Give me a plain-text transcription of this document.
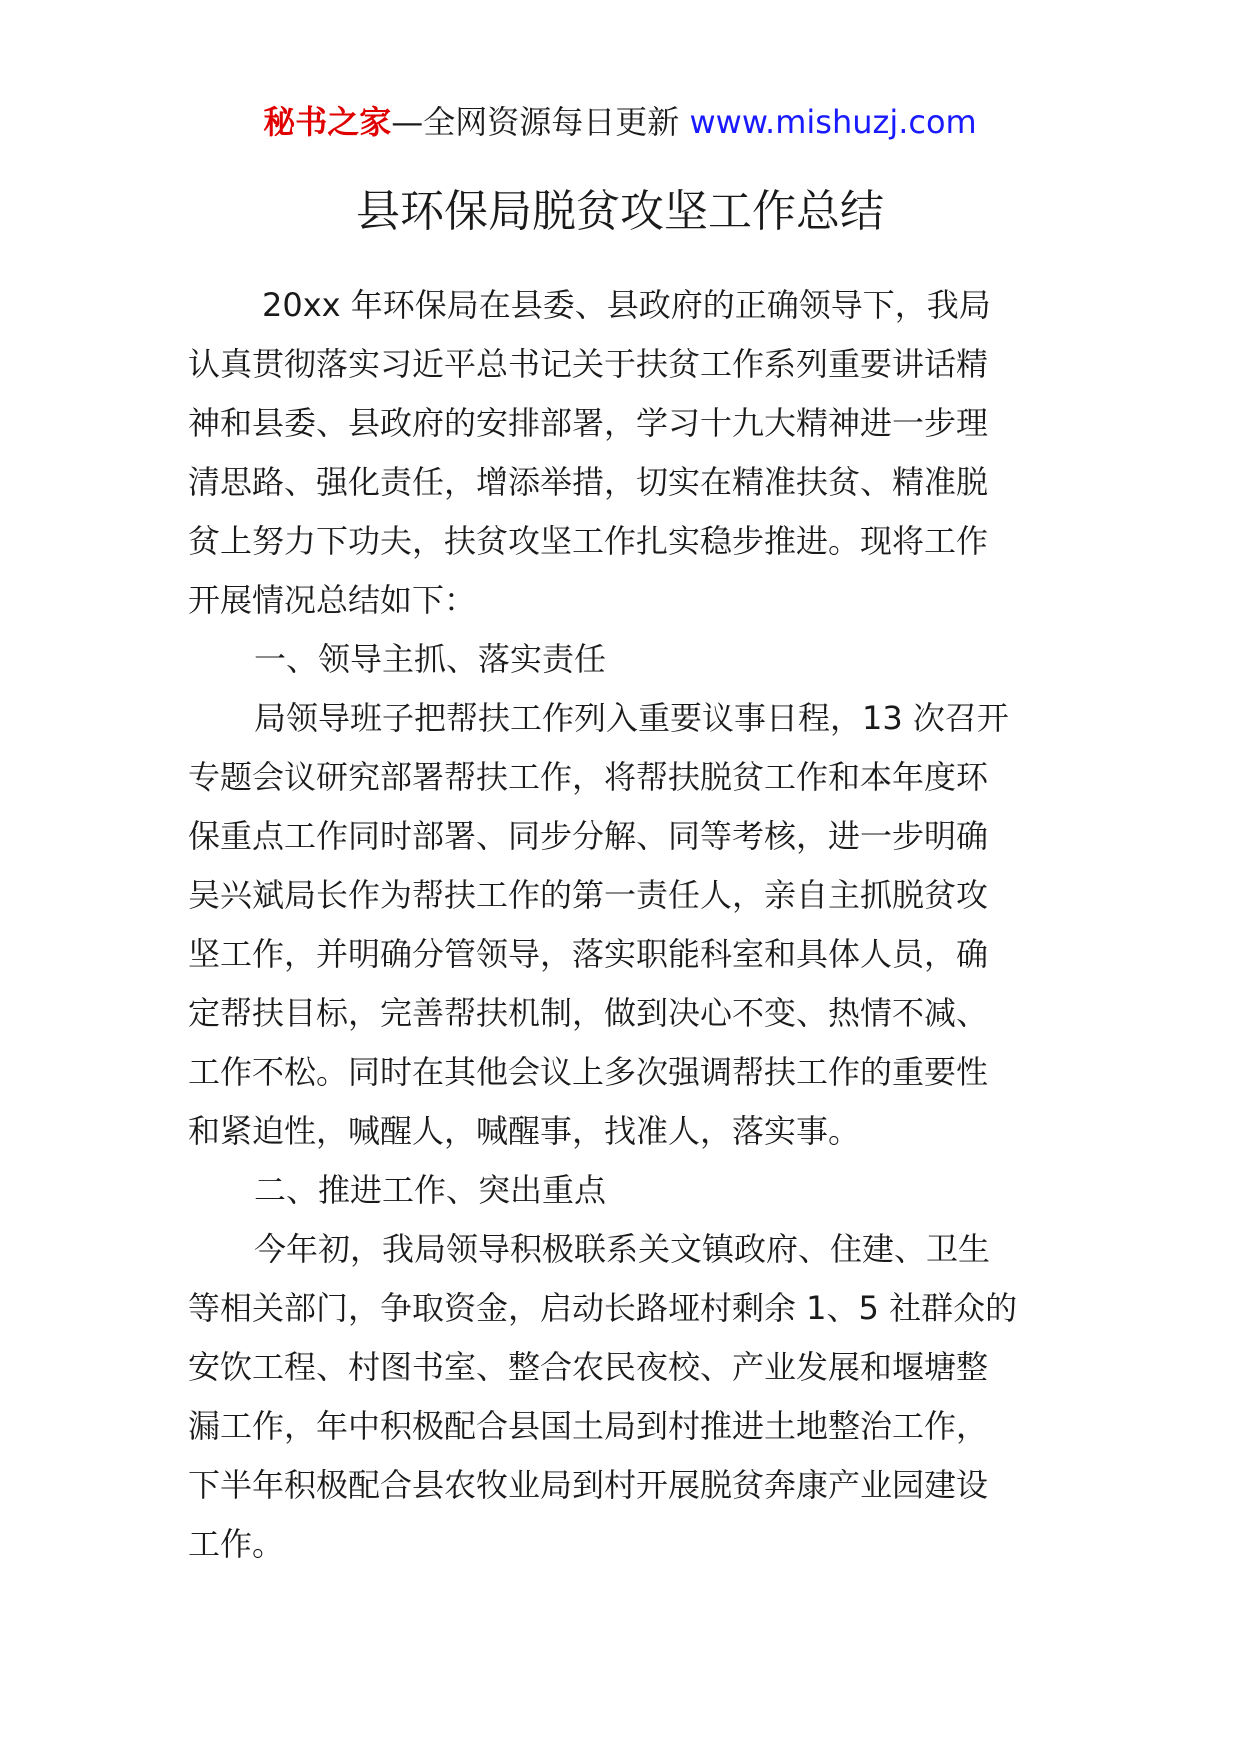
秘书之家—全网资源每日更新 www.mishuzj.com
县环保局脱贫攻坚工作总结
20xx 年环保局在县委、县政府的正确领导下，我局
认真贯彻落实习近平总书记关于扶贫工作系列重要讲话精
神和县委、县政府的安排部署，学习十九大精神进一步理
清思路、强化责任，增添举措，切实在精准扶贫、精准脱
贫上努力下功夫，扶贫攻坚工作扎实稳步推进。现将工作
开展情况总结如下：
一、领导主抓、落实责任
局领导班子把帮扶工作列入重要议事日程，13 次召开
专题会议研究部署帮扶工作，将帮扶脱贫工作和本年度环
保重点工作同时部署、同步分解、同等考核，进一步明确
吴兴斌局长作为帮扶工作的第一责任人，亲自主抓脱贫攻
坚工作，并明确分管领导，落实职能科室和具体人员，确
定帮扶目标，完善帮扶机制，做到决心不变、热情不减、
工作不松。同时在其他会议上多次强调帮扶工作的重要性
和紧迫性，喊醒人，喊醒事，找准人，落实事。
二、推进工作、突出重点
今年初，我局领导积极联系关文镇政府、住建、卫生
等相关部门，争取资金，启动长路垭村剩余 1、5 社群众的
安饮工程、村图书室、整合农民夜校、产业发展和堰塘整
漏工作，年中积极配合县国土局到村推进土地整治工作，
下半年积极配合县农牧业局到村开展脱贫奔康产业园建设
工作。
